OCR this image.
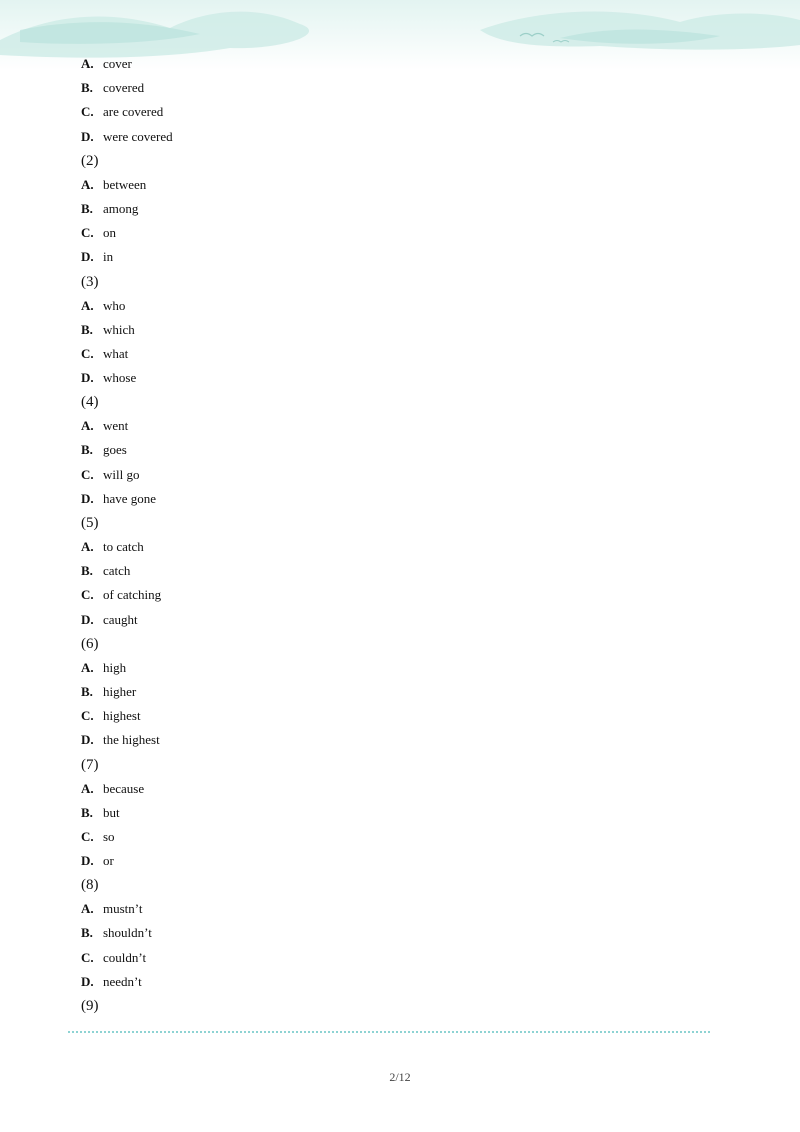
A. cover
B. covered
C. are covered
D. were covered
(2)
A. between
B. among
C. on
D. in
(3)
A. who
B. which
C. what
D. whose
(4)
A. went
B. goes
C. will go
D. have gone
(5)
A. to catch
B. catch
C. of catching
D. caught
(6)
A. high
B. higher
C. highest
D. the highest
(7)
A. because
B. but
C. so
D. or
(8)
A. mustn’t
B. shouldn’t
C. couldn’t
D. needn’t
(9)
2/12
